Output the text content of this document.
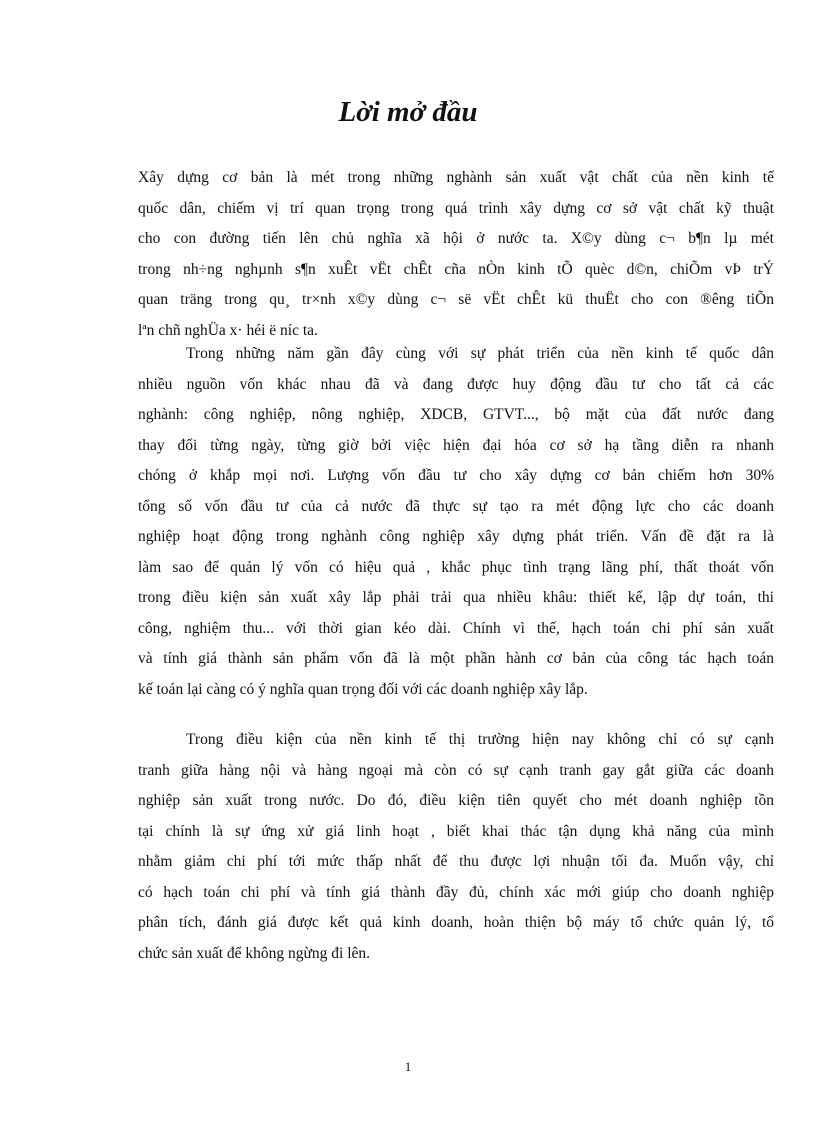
Lời mở đầu
Xây dựng cơ bản là mét trong những nghành sản xuất vật chất của nền kinh tế
quốc dân, chiếm vị trí quan trọng trong quá trình xây dựng cơ sở vật chất kỹ thuật
cho con đường tiến lên chủ nghĩa xã hội ở nước ta. X©y dùng c¬ b¶n lµ mét
trong nh÷ng nghµnh s¶n xuÊt vËt chÊt cña nÒn kinh tÕ quèc d©n, chiÕm vÞ trÝ
quan träng trong qu¸ tr×nh x©y dùng c¬ së vËt chÊt kü thuËt cho con ®êng tiÕn
lªn chñ nghÜa x· héi ë níc ta.
Trong những năm gần đây cùng với sự phát triển của nền kinh tế quốc dân
nhiều nguồn vốn khác nhau đã và đang được huy động đầu tư cho tất cả các
nghành: công nghiệp, nông nghiệp, XDCB, GTVT..., bộ mặt của đất nước đang
thay đổi từng ngày, từng giờ bởi việc hiện đại hóa cơ sở hạ tầng diễn ra nhanh
chóng ở khắp mọi nơi. Lượng vốn đầu tư cho xây dựng cơ bản chiếm hơn 30%
tổng số vốn đầu tư của cả nước đã thực sự tạo ra mét động lực cho các doanh
nghiệp hoạt động trong nghành công nghiệp xây dựng phát triển. Vấn đề đặt ra là
làm sao để quản lý vốn có hiệu quả , khắc phục tình trạng lãng phí, thất thoát vốn
trong điều kiện sản xuất xây lắp phải trải qua nhiều khâu: thiết kế, lập dự toán, thi
công, nghiệm thu... với thời gian kéo dài. Chính vì thế, hạch toán chi phí sản xuất
và tính giá thành sản phẩm vốn đã là một phần hành cơ bản của công tác hạch toán
kế toán lại càng có ý nghĩa quan trọng đối với các doanh nghiệp xây lắp.
Trong điều kiện của nền kinh tế thị trường hiện nay không chỉ có sự cạnh
tranh giữa hàng nội và hàng ngoại mà còn có sự cạnh tranh gay gắt giữa các doanh
nghiệp sản xuất trong nước. Do đó, điều kiện tiên quyết cho mét doanh nghiệp tồn
tại chính là sự ứng xử giá linh hoạt , biết khai thác tận dụng khả năng của mình
nhằm giảm chi phí tới mức thấp nhất để thu được lợi nhuận tối đa. Muốn vậy, chỉ
có hạch toán chi phí và tính giá thành đầy đủ, chính xác mới giúp cho doanh nghiệp
phân tích, đánh giá được kết quả kinh doanh, hoàn thiện bộ máy tổ chức quản lý, tổ
chức sản xuất để không ngừng đi lên.
1
